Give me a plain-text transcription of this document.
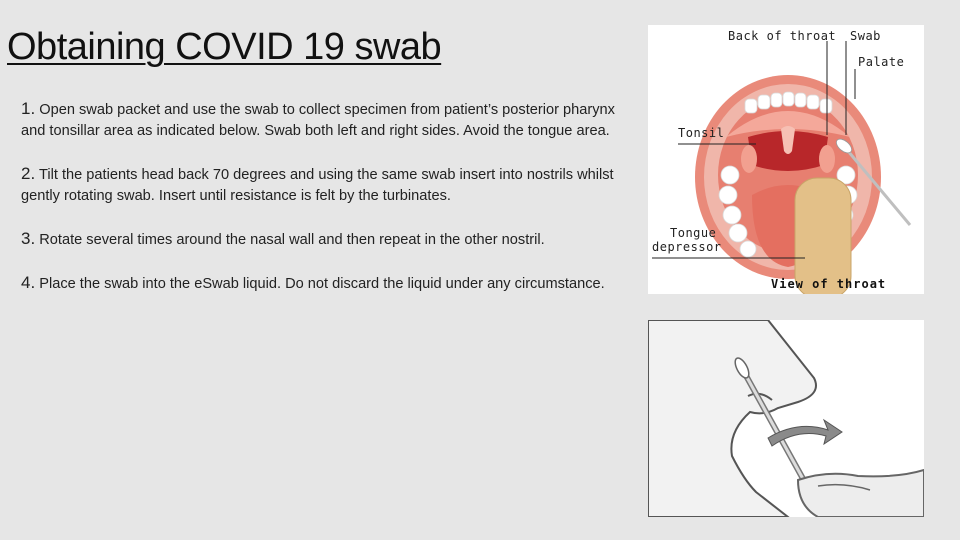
Obtaining COVID 19 swab

1. Open swab packet and use the swab to collect specimen from patient’s posterior pharynx and tonsillar area as indicated below. Swab both left and right sides. Avoid the tongue area.

2. Tilt the patients head back 70 degrees and using the same swab insert into nostrils whilst gently rotating swab. Insert until resistance is felt by the turbinates.

3. Rotate several times around the nasal wall and then repeat in the other nostril.

4. Place the swab into the eSwab liquid. Do not discard the liquid under any circumstance.

Back of throat Swab
Palate
Tonsil
Tongue
depressor
View of throat
